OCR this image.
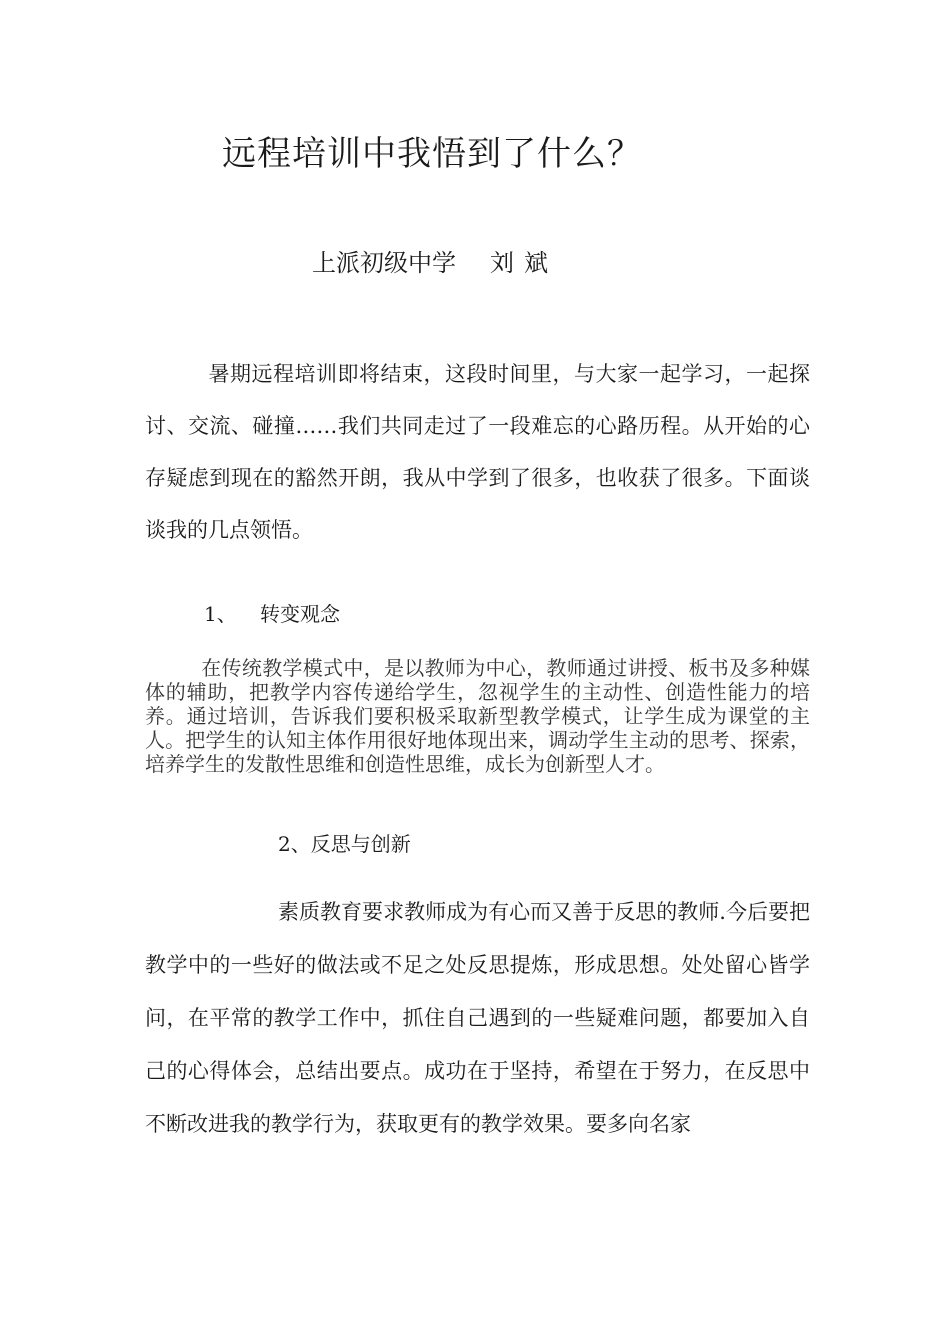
远程培训中我悟到了什么？
上派初级中学 刘 斌

暑期远程培训即将结束，这段时间里，与大家一起学习，一起探讨、交流、碰撞……我们共同走过了一段难忘的心路历程。从开始的心存疑虑到现在的豁然开朗，我从中学到了很多，也收获了很多。下面谈谈我的几点领悟。

1、 转变观念

在传统教学模式中，是以教师为中心，教师通过讲授、板书及多种媒体的辅助，把教学内容传递给学生，忽视学生的主动性、创造性能力的培养。通过培训，告诉我们要积极采取新型教学模式，让学生成为课堂的主人。把学生的认知主体作用很好地体现出来，调动学生主动的思考、探索，培养学生的发散性思维和创造性思维，成长为创新型人才。

2、反思与创新

素质教育要求教师成为有心而又善于反思的教师.今后要把教学中的一些好的做法或不足之处反思提炼，形成思想。处处留心皆学问，在平常的教学工作中，抓住自己遇到的一些疑难问题，都要加入自己的心得体会，总结出要点。成功在于坚持，希望在于努力，在反思中不断改进我的教学行为，获取更有的教学效果。要多向名家
